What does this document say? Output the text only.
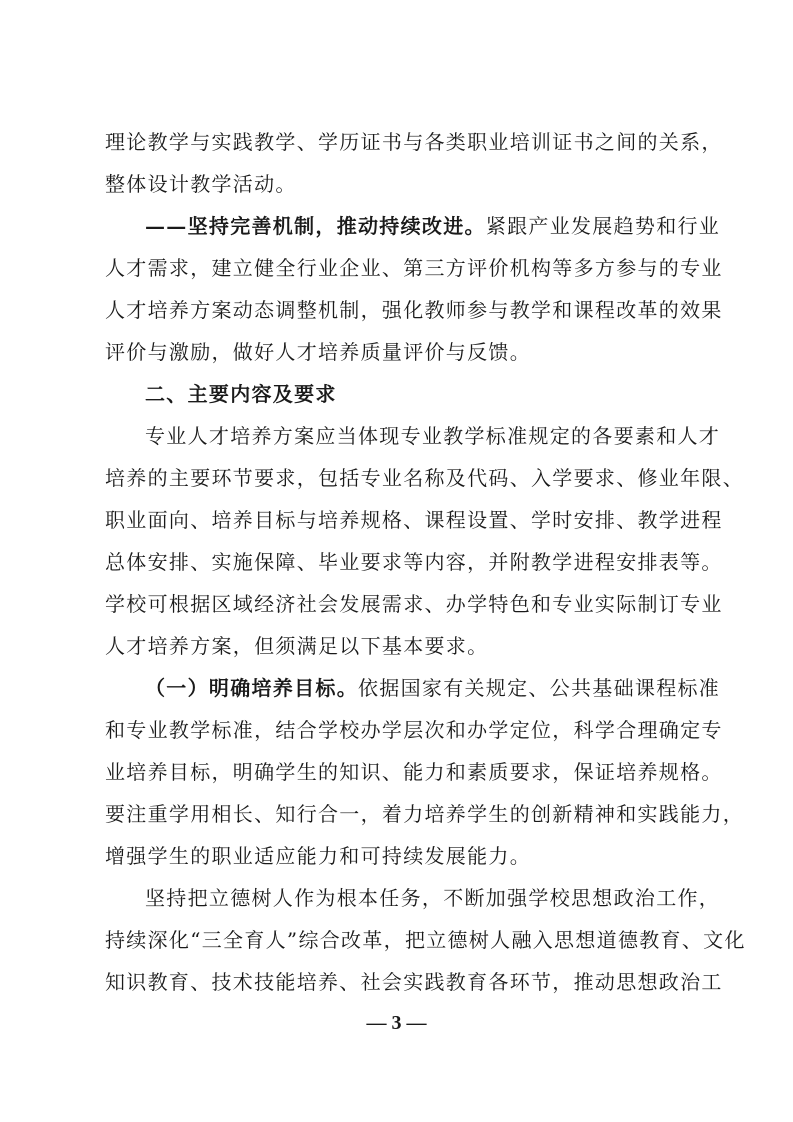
理论教学与实践教学、学历证书与各类职业培训证书之间的关系，
整体设计教学活动。
——坚持完善机制，推动持续改进。紧跟产业发展趋势和行业
人才需求，建立健全行业企业、第三方评价机构等多方参与的专业
人才培养方案动态调整机制，强化教师参与教学和课程改革的效果
评价与激励，做好人才培养质量评价与反馈。
二、主要内容及要求
专业人才培养方案应当体现专业教学标准规定的各要素和人才
培养的主要环节要求，包括专业名称及代码、入学要求、修业年限、
职业面向、培养目标与培养规格、课程设置、学时安排、教学进程
总体安排、实施保障、毕业要求等内容，并附教学进程安排表等。
学校可根据区域经济社会发展需求、办学特色和专业实际制订专业
人才培养方案，但须满足以下基本要求。
（一）明确培养目标。依据国家有关规定、公共基础课程标准
和专业教学标准，结合学校办学层次和办学定位，科学合理确定专
业培养目标，明确学生的知识、能力和素质要求，保证培养规格。
要注重学用相长、知行合一，着力培养学生的创新精神和实践能力，
增强学生的职业适应能力和可持续发展能力。
坚持把立德树人作为根本任务，不断加强学校思想政治工作，
持续深化“三全育人”综合改革，把立德树人融入思想道德教育、文化
知识教育、技术技能培养、社会实践教育各环节，推动思想政治工
— 3 —
